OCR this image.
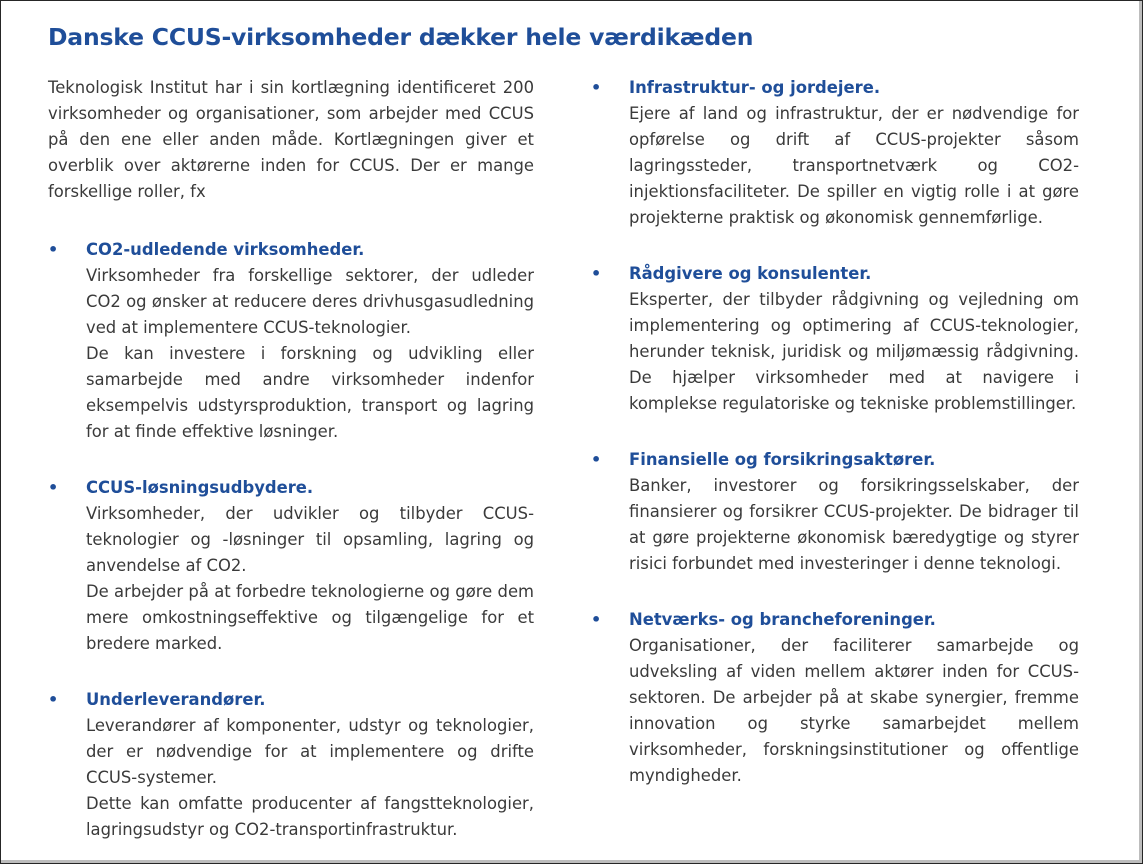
Danske CCUS-virksomheder dækker hele værdikæden

Teknologisk Institut har i sin kortlægning identificeret 200 virksomheder og organisationer, som arbejder med CCUS på den ene eller anden måde. Kortlægningen giver et overblik over aktørerne inden for CCUS. Der er mange forskellige roller, fx

• CO2-udledende virksomheder.

Virksomheder fra forskellige sektorer, der udleder CO2 og ønsker at reducere deres drivhusgasudledning ved at implementere CCUS-teknologier.

De kan investere i forskning og udvikling eller samarbejde med andre virksomheder indenfor eksempelvis udstyrsproduktion, transport og lagring for at finde effektive løsninger.

• CCUS-løsningsudbydere.

Virksomheder, der udvikler og tilbyder CCUS-teknologier og -løsninger til opsamling, lagring og anvendelse af CO2.

De arbejder på at forbedre teknologierne og gøre dem mere omkostningseffektive og tilgængelige for et bredere marked.

• Underleverandører.

Leverandører af komponenter, udstyr og teknologier, der er nødvendige for at implementere og drifte CCUS-systemer.

Dette kan omfatte producenter af fangstteknologier, lagringsudstyr og CO2-transportinfrastruktur.

• Infrastruktur- og jordejere.

Ejere af land og infrastruktur, der er nødvendige for opførelse og drift af CCUS-projekter såsom lagringssteder, transportnetværk og CO2-injektionsfaciliteter. De spiller en vigtig rolle i at gøre projekterne praktisk og økonomisk gennemførlige.

• Rådgivere og konsulenter.

Eksperter, der tilbyder rådgivning og vejledning om implementering og optimering af CCUS-teknologier, herunder teknisk, juridisk og miljømæssig rådgivning. De hjælper virksomheder med at navigere i komplekse regulatoriske og tekniske problemstillinger.

• Finansielle og forsikringsaktører.

Banker, investorer og forsikringsselskaber, der finansierer og forsikrer CCUS-projekter. De bidrager til at gøre projekterne økonomisk bæredygtige og styrer risici forbundet med investeringer i denne teknologi.

• Netværks- og brancheforeninger.

Organisationer, der faciliterer samarbejde og udveksling af viden mellem aktører inden for CCUS-sektoren. De arbejder på at skabe synergier, fremme innovation og styrke samarbejdet mellem virksomheder, forskningsinstitutioner og offentlige myndigheder.
